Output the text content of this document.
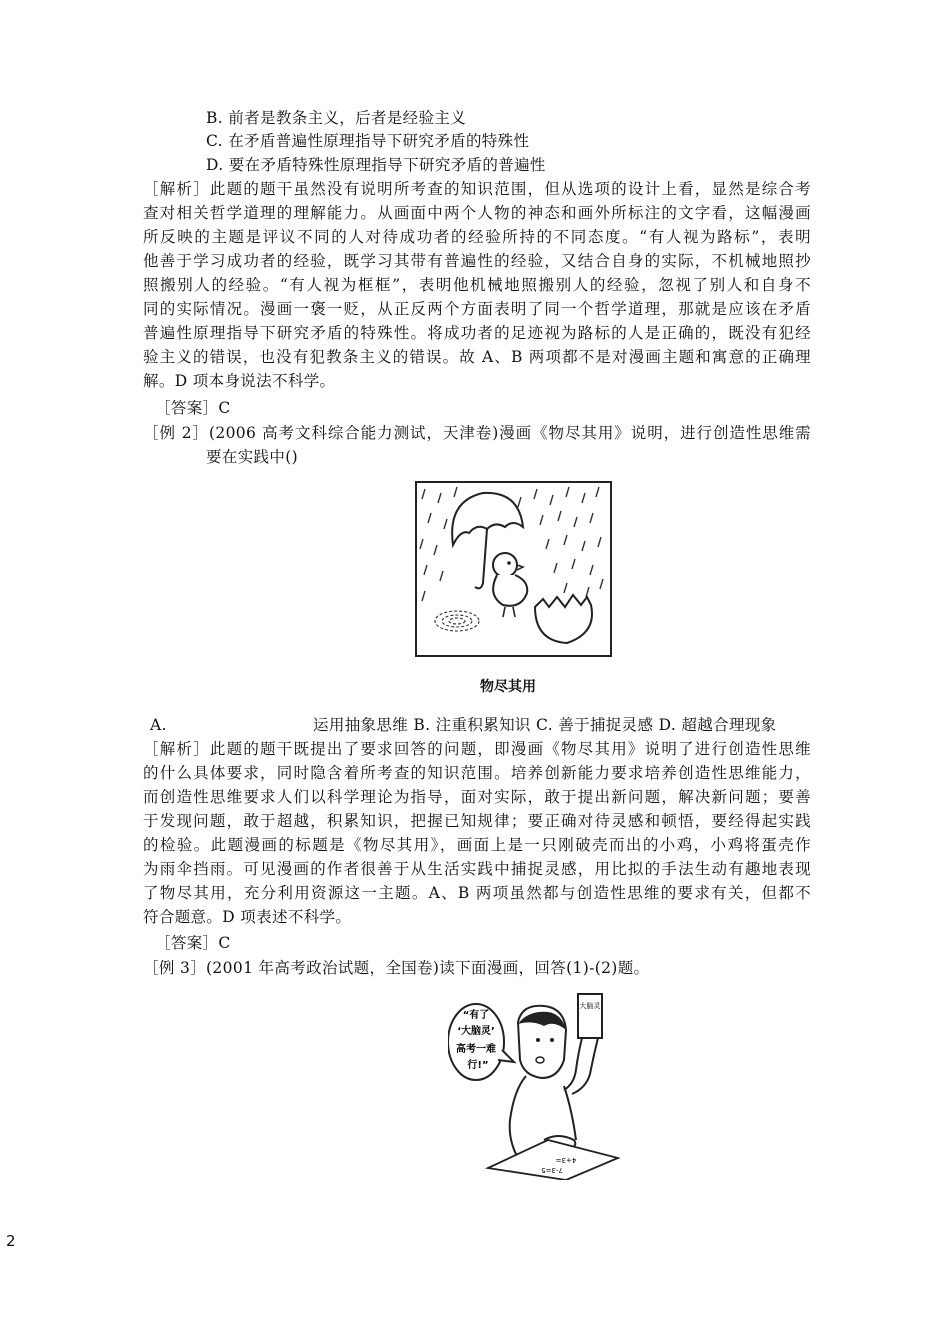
B. 前者是教条主义，后者是经验主义
C. 在矛盾普遍性原理指导下研究矛盾的特殊性
D. 要在矛盾特殊性原理指导下研究矛盾的普遍性
［解析］此题的题干虽然没有说明所考查的知识范围，但从选项的设计上看，显然是综合考
查对相关哲学道理的理解能力。从画面中两个人物的神态和画外所标注的文字看，这幅漫画
所反映的主题是评议不同的人对待成功者的经验所持的不同态度。“有人视为路标”，表明
他善于学习成功者的经验，既学习其带有普遍性的经验，又结合自身的实际，不机械地照抄
照搬别人的经验。“有人视为框框”，表明他机械地照搬别人的经验，忽视了别人和自身不
同的实际情况。漫画一褒一贬，从正反两个方面表明了同一个哲学道理，那就是应该在矛盾
普遍性原理指导下研究矛盾的特殊性。将成功者的足迹视为路标的人是正确的，既没有犯经
验主义的错误，也没有犯教条主义的错误。故 A、B 两项都不是对漫画主题和寓意的正确理
解。D 项本身说法不科学。
［答案］C
［例 2］(2006 高考文科综合能力测试，天津卷)漫画《物尽其用》说明，进行创造性思维需
要在实践中()
物尽其用
A.	运用抽象思维 B. 注重积累知识 C. 善于捕捉灵感 D. 超越合理现象
［解析］此题的题干既提出了要求回答的问题，即漫画《物尽其用》说明了进行创造性思维
的什么具体要求，同时隐含着所考查的知识范围。培养创新能力要求培养创造性思维能力，
而创造性思维要求人们以科学理论为指导，面对实际，敢于提出新问题，解决新问题；要善
于发现问题，敢于超越，积累知识，把握已知规律；要正确对待灵感和顿悟，要经得起实践
的检验。此题漫画的标题是《物尽其用》，画面上是一只刚破壳而出的小鸡，小鸡将蛋壳作
为雨伞挡雨。可见漫画的作者很善于从生活实践中捕捉灵感，用比拟的手法生动有趣地表现
了物尽其用，充分利用资源这一主题。A、B 两项虽然都与创造性思维的要求有关，但都不
符合题意。D 项表述不科学。
［答案］C
［例 3］(2001 年高考政治试题，全国卷)读下面漫画，回答(1)-(2)题。
“有了
‘大脑灵’
高考一难
行!”
大脑灵
7-3=5
4+3=
2
